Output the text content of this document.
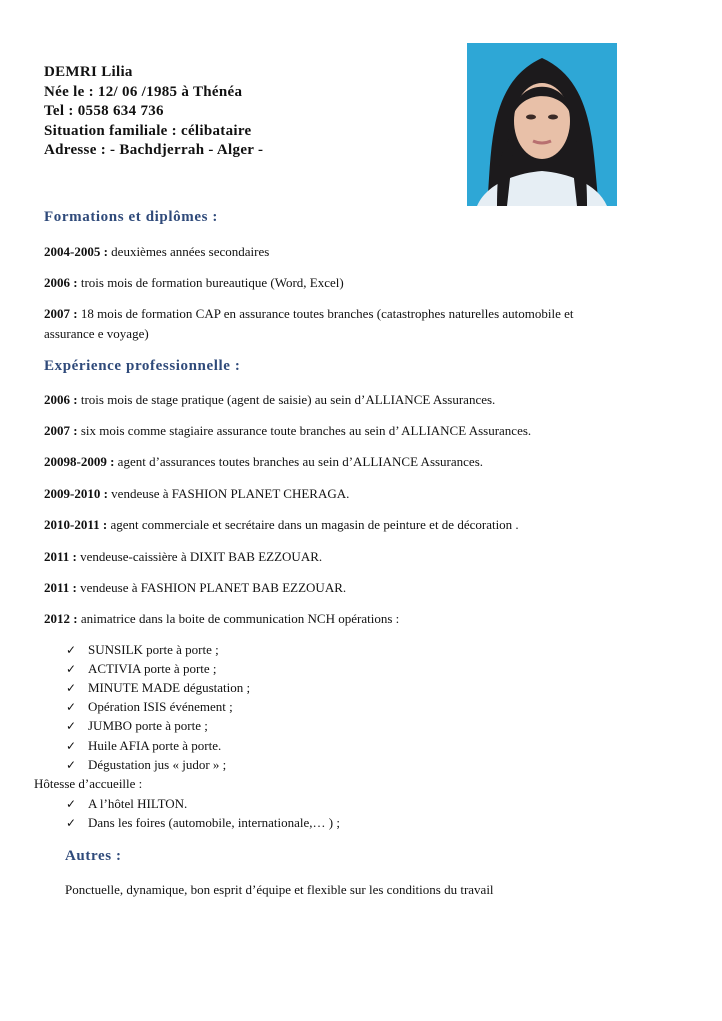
DEMRI Lilia
Née le : 12/ 06 /1985 à Thénéa
Tel : 0558 634 736
Situation familiale : célibataire
Adresse : - Bachdjerrah - Alger -
Formations et diplômes :
2004-2005 : deuxièmes années secondaires
2006 : trois mois de formation bureautique (Word, Excel)
2007 : 18 mois de formation CAP en assurance toutes branches (catastrophes naturelles automobile et
assurance e voyage)
Expérience professionnelle :
2006 : trois mois de stage pratique (agent de saisie) au sein d’ALLIANCE Assurances.
2007 : six mois comme stagiaire assurance toute branches au sein d’ ALLIANCE Assurances.
20098-2009 : agent d’assurances toutes branches au sein d’ALLIANCE Assurances.
2009-2010 : vendeuse à FASHION PLANET CHERAGA.
2010-2011 : agent commerciale et secrétaire dans un magasin de peinture et de décoration .
2011 : vendeuse-caissière à DIXIT BAB EZZOUAR.
2011 : vendeuse à FASHION PLANET BAB EZZOUAR.
2012 : animatrice dans la boite de communication NCH opérations :
✓ SUNSILK porte à porte ;
✓ ACTIVIA porte à porte ;
✓ MINUTE MADE dégustation ;
✓ Opération ISIS événement ;
✓ JUMBO porte à porte ;
✓ Huile AFIA porte à porte.
✓ Dégustation jus « judor » ;
Hôtesse d’accueille :
✓ A l’hôtel HILTON.
✓ Dans les foires (automobile, internationale,… ) ;
Autres :
Ponctuelle, dynamique, bon esprit d’équipe et flexible sur les conditions du travail
